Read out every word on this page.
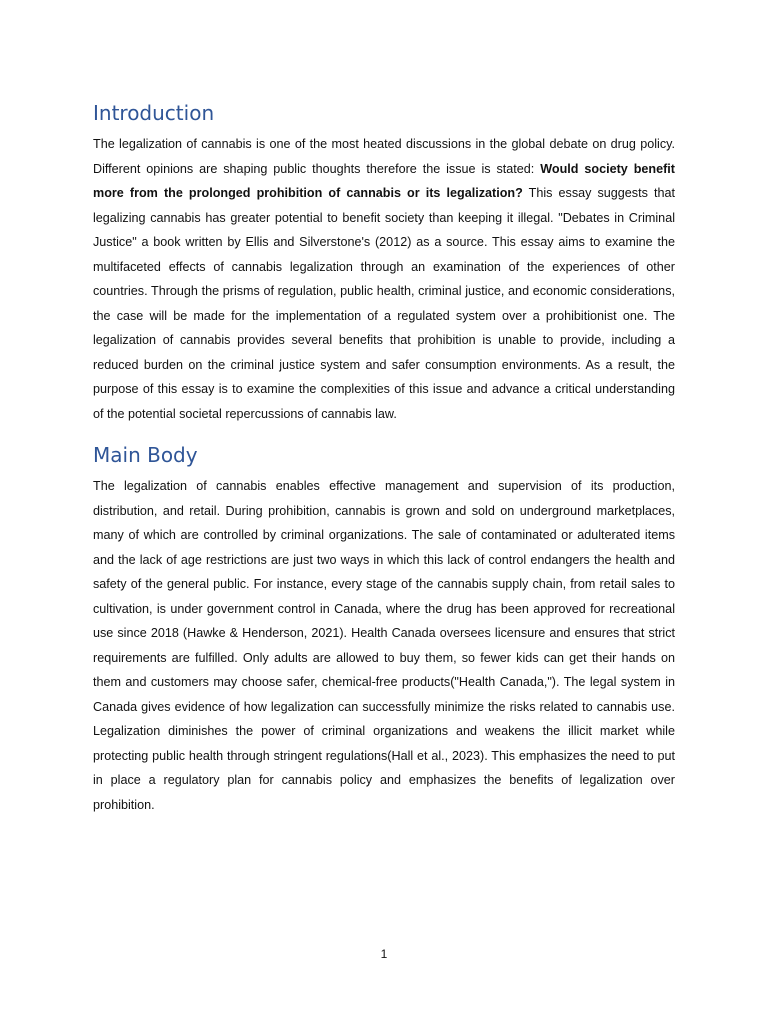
Introduction

The legalization of cannabis is one of the most heated discussions in the global debate on drug policy. Different opinions are shaping public thoughts therefore the issue is stated: Would society benefit more from the prolonged prohibition of cannabis or its legalization? This essay suggests that legalizing cannabis has greater potential to benefit society than keeping it illegal. "Debates in Criminal Justice" a book written by Ellis and Silverstone's (2012) as a source. This essay aims to examine the multifaceted effects of cannabis legalization through an examination of the experiences of other countries. Through the prisms of regulation, public health, criminal justice, and economic considerations, the case will be made for the implementation of a regulated system over a prohibitionist one. The legalization of cannabis provides several benefits that prohibition is unable to provide, including a reduced burden on the criminal justice system and safer consumption environments. As a result, the purpose of this essay is to examine the complexities of this issue and advance a critical understanding of the potential societal repercussions of cannabis law.

Main Body

The legalization of cannabis enables effective management and supervision of its production, distribution, and retail. During prohibition, cannabis is grown and sold on underground marketplaces, many of which are controlled by criminal organizations. The sale of contaminated or adulterated items and the lack of age restrictions are just two ways in which this lack of control endangers the health and safety of the general public. For instance, every stage of the cannabis supply chain, from retail sales to cultivation, is under government control in Canada, where the drug has been approved for recreational use since 2018 (Hawke & Henderson, 2021). Health Canada oversees licensure and ensures that strict requirements are fulfilled. Only adults are allowed to buy them, so fewer kids can get their hands on them and customers may choose safer, chemical-free products("Health Canada,"). The legal system in Canada gives evidence of how legalization can successfully minimize the risks related to cannabis use. Legalization diminishes the power of criminal organizations and weakens the illicit market while protecting public health through stringent regulations(Hall et al., 2023). This emphasizes the need to put in place a regulatory plan for cannabis policy and emphasizes the benefits of legalization over prohibition.

1
